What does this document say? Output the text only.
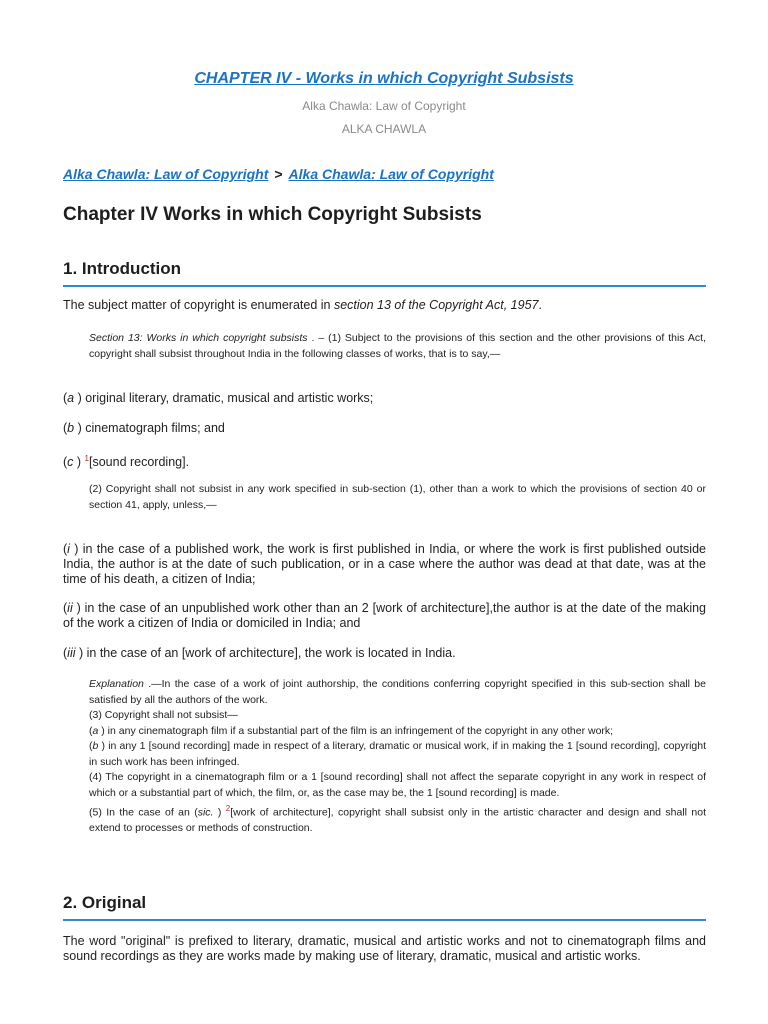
CHAPTER IV - Works in which Copyright Subsists
Alka Chawla: Law of Copyright
ALKA CHAWLA
Alka Chawla: Law of Copyright > Alka Chawla: Law of Copyright
Chapter IV Works in which Copyright Subsists
1. Introduction
The subject matter of copyright is enumerated in section 13 of the Copyright Act, 1957.
Section 13: Works in which copyright subsists . – (1) Subject to the provisions of this section and the other provisions of this Act, copyright shall subsist throughout India in the following classes of works, that is to say,—
(a ) original literary, dramatic, musical and artistic works;
(b ) cinematograph films; and
(c ) $^1$[sound recording].
(2) Copyright shall not subsist in any work specified in sub-section (1), other than a work to which the provisions of section 40 or section 41, apply, unless,—
(i ) in the case of a published work, the work is first published in India, or where the work is first published outside India, the author is at the date of such publication, or in a case where the author was dead at that date, was at the time of his death, a citizen of India;
(ii ) in the case of an unpublished work other than an 2 [work of architecture],the author is at the date of the making of the work a citizen of India or domiciled in India; and
(iii ) in the case of an [work of architecture], the work is located in India.
Explanation .—In the case of a work of joint authorship, the conditions conferring copyright specified in this sub-section shall be satisfied by all the authors of the work.
(3) Copyright shall not subsist—
(a ) in any cinematograph film if a substantial part of the film is an infringement of the copyright in any other work;
(b ) in any 1 [sound recording] made in respect of a literary, dramatic or musical work, if in making the 1 [sound recording], copyright in such work has been infringed.
(4) The copyright in a cinematograph film or a 1 [sound recording] shall not affect the separate copyright in any work in respect of which or a substantial part of which, the film, or, as the case may be, the 1 [sound recording] is made.
(5) In the case of an (sic. ) $^2$[work of architecture], copyright shall subsist only in the artistic character and design and shall not extend to processes or methods of construction.
2. Original
The word "original" is prefixed to literary, dramatic, musical and artistic works and not to cinematograph films and sound recordings as they are works made by making use of literary, dramatic, musical and artistic works.
